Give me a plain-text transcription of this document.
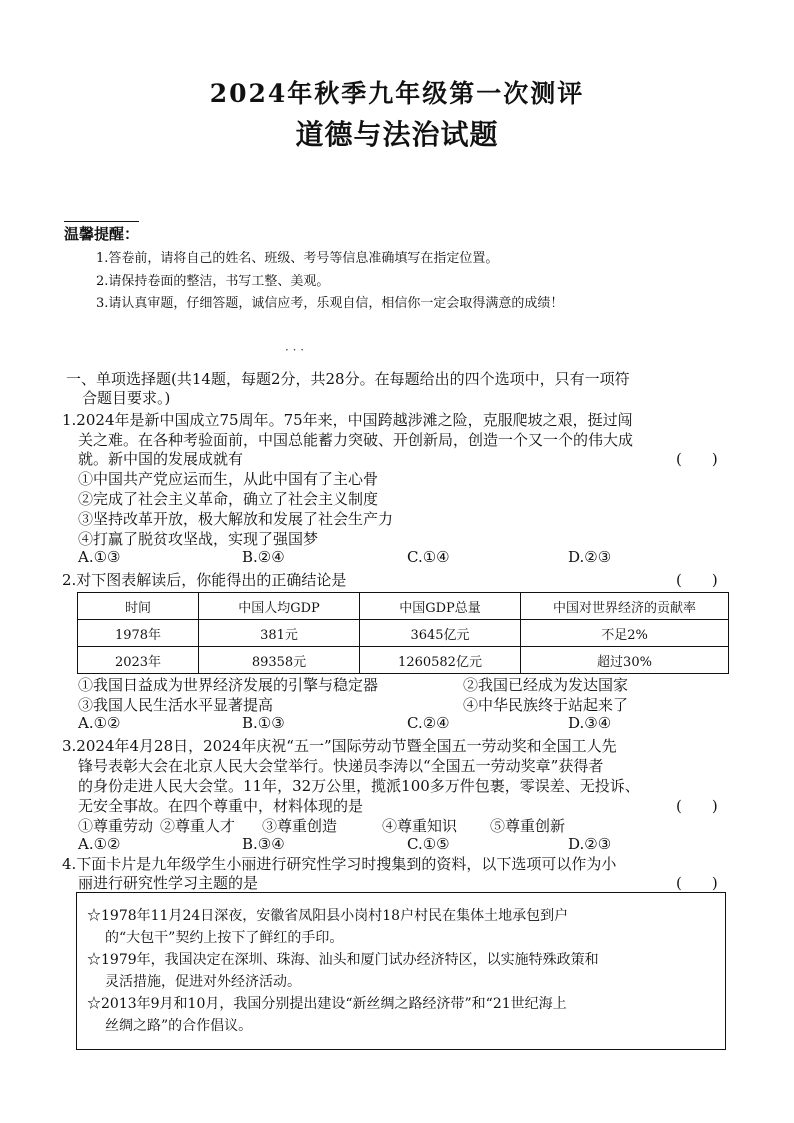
2024年秋季九年级第一次测评
道德与法治试题
温馨提醒：
1.答卷前，请将自己的姓名、班级、考号等信息准确填写在指定位置。
2.请保持卷面的整洁，书写工整、美观。
3.请认真审题，仔细答题，诚信应考，乐观自信，相信你一定会取得满意的成绩！
· · ·
一、单项选择题(共14题，每题2分，共28分。在每题给出的四个选项中，只有一项符
合题目要求。)
1.2024年是新中国成立75周年。75年来，中国跨越涉滩之险，克服爬坡之艰，挺过闯
关之难。在各种考验面前，中国总能蓄力突破、开创新局，创造一个又一个的伟大成
就。新中国的发展成就有	(　　)
①中国共产党应运而生，从此中国有了主心骨
②完成了社会主义革命，确立了社会主义制度
③坚持改革开放，极大解放和发展了社会生产力
④打赢了脱贫攻坚战，实现了强国梦
A.①③	B.②④	C.①④	D.②③
2.对下图表解读后，你能得出的正确结论是	(　　)
时间	中国人均GDP	中国GDP总量	中国对世界经济的贡献率
1978年	381元	3645亿元	不足2%
2023年	89358元	1260582亿元	超过30%
①我国日益成为世界经济发展的引擎与稳定器	②我国已经成为发达国家
③我国人民生活水平显著提高	④中华民族终于站起来了
A.①②	B.①③	C.②④	D.③④
3.2024年4月28日，2024年庆祝“五一”国际劳动节暨全国五一劳动奖和全国工人先
锋号表彰大会在北京人民大会堂举行。快递员李涛以“全国五一劳动奖章”获得者
的身份走进人民大会堂。11年，32万公里，揽派100多万件包裹，零误差、无投诉、
无安全事故。在四个尊重中，材料体现的是	(　　)
①尊重劳动 ②尊重人才 ③尊重创造	④尊重知识 ⑤尊重创新
A.①②	B.③④	C.①⑤	D.②③
4.下面卡片是九年级学生小丽进行研究性学习时搜集到的资料，以下选项可以作为小
丽进行研究性学习主题的是	(　　)
☆1978年11月24日深夜，安徽省凤阳县小岗村18户村民在集体土地承包到户
的“大包干”契约上按下了鲜红的手印。
☆1979年，我国决定在深圳、珠海、汕头和厦门试办经济特区，以实施特殊政策和
灵活措施，促进对外经济活动。
☆2013年9月和10月，我国分别提出建设“新丝绸之路经济带”和“21世纪海上
丝绸之路”的合作倡议。
